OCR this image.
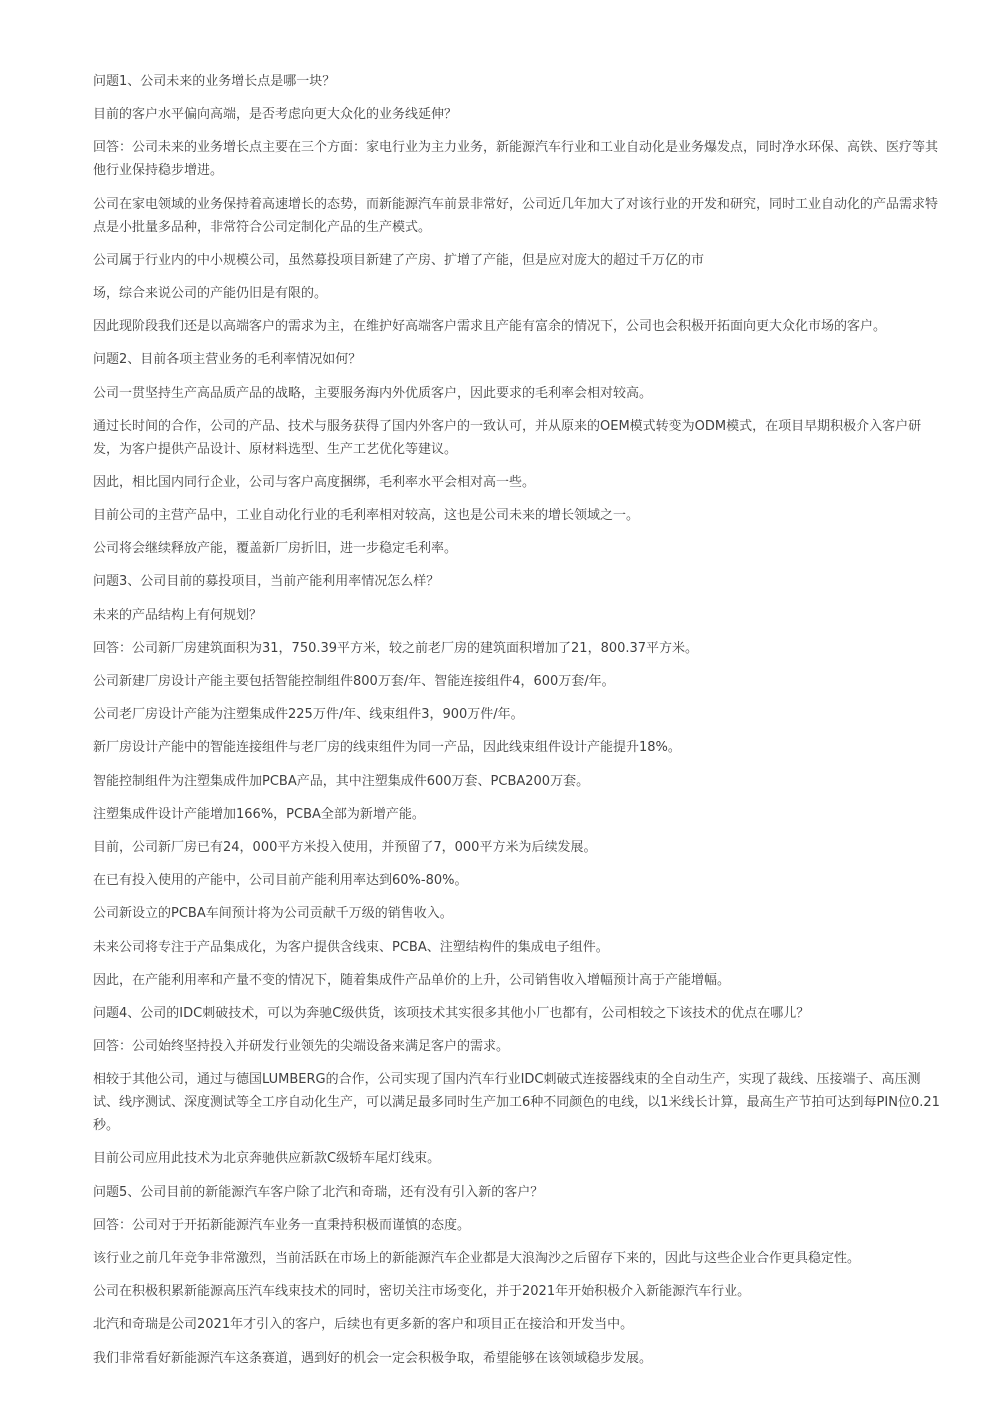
问题1、公司未来的业务增长点是哪一块？

目前的客户水平偏向高端，是否考虑向更大众化的业务线延伸？

回答：公司未来的业务增长点主要在三个方面：家电行业为主力业务，新能源汽车行业和工业自动化是业务爆发点，同时净水环保、高铁、医疗等其他行业保持稳步增进。

公司在家电领域的业务保持着高速增长的态势，而新能源汽车前景非常好，公司近几年加大了对该行业的开发和研究，同时工业自动化的产品需求特点是小批量多品种，非常符合公司定制化产品的生产模式。

公司属于行业内的中小规模公司，虽然募投项目新建了产房、扩增了产能，但是应对庞大的超过千万亿的市

场，综合来说公司的产能仍旧是有限的。

因此现阶段我们还是以高端客户的需求为主，在维护好高端客户需求且产能有富余的情况下，公司也会积极开拓面向更大众化市场的客户。

问题2、目前各项主营业务的毛利率情况如何？

公司一贯坚持生产高品质产品的战略，主要服务海内外优质客户，因此要求的毛利率会相对较高。

通过长时间的合作，公司的产品、技术与服务获得了国内外客户的一致认可，并从原来的OEM模式转变为ODM模式，在项目早期积极介入客户研发，为客户提供产品设计、原材料选型、生产工艺优化等建议。

因此，相比国内同行企业，公司与客户高度捆绑，毛利率水平会相对高一些。

目前公司的主营产品中，工业自动化行业的毛利率相对较高，这也是公司未来的增长领域之一。

公司将会继续释放产能，覆盖新厂房折旧，进一步稳定毛利率。

问题3、公司目前的募投项目，当前产能利用率情况怎么样？

未来的产品结构上有何规划？

回答：公司新厂房建筑面积为31，750.39平方米，较之前老厂房的建筑面积增加了21，800.37平方米。

公司新建厂房设计产能主要包括智能控制组件800万套/年、智能连接组件4，600万套/年。

公司老厂房设计产能为注塑集成件225万件/年、线束组件3，900万件/年。

新厂房设计产能中的智能连接组件与老厂房的线束组件为同一产品，因此线束组件设计产能提升18%。

智能控制组件为注塑集成件加PCBA产品，其中注塑集成件600万套、PCBA200万套。

注塑集成件设计产能增加166%，PCBA全部为新增产能。

目前，公司新厂房已有24，000平方米投入使用，并预留了7，000平方米为后续发展。

在已有投入使用的产能中，公司目前产能利用率达到60%-80%。

公司新设立的PCBA车间预计将为公司贡献千万级的销售收入。

未来公司将专注于产品集成化，为客户提供含线束、PCBA、注塑结构件的集成电子组件。

因此，在产能利用率和产量不变的情况下，随着集成件产品单价的上升，公司销售收入增幅预计高于产能增幅。

问题4、公司的IDC刺破技术，可以为奔驰C级供货，该项技术其实很多其他小厂也都有，公司相较之下该技术的优点在哪儿？

回答：公司始终坚持投入并研发行业领先的尖端设备来满足客户的需求。

相较于其他公司，通过与德国LUMBERG的合作，公司实现了国内汽车行业IDC刺破式连接器线束的全自动生产，实现了裁线、压接端子、高压测试、线序测试、深度测试等全工序自动化生产，可以满足最多同时生产加工6种不同颜色的电线，以1米线长计算，最高生产节拍可达到每PIN位0.21秒。

目前公司应用此技术为北京奔驰供应新款C级轿车尾灯线束。

问题5、公司目前的新能源汽车客户除了北汽和奇瑞，还有没有引入新的客户？

回答：公司对于开拓新能源汽车业务一直秉持积极而谨慎的态度。

该行业之前几年竞争非常激烈，当前活跃在市场上的新能源汽车企业都是大浪淘沙之后留存下来的，因此与这些企业合作更具稳定性。

公司在积极积累新能源高压汽车线束技术的同时，密切关注市场变化，并于2021年开始积极介入新能源汽车行业。

北汽和奇瑞是公司2021年才引入的客户，后续也有更多新的客户和项目正在接洽和开发当中。

我们非常看好新能源汽车这条赛道，遇到好的机会一定会积极争取，希望能够在该领域稳步发展。
